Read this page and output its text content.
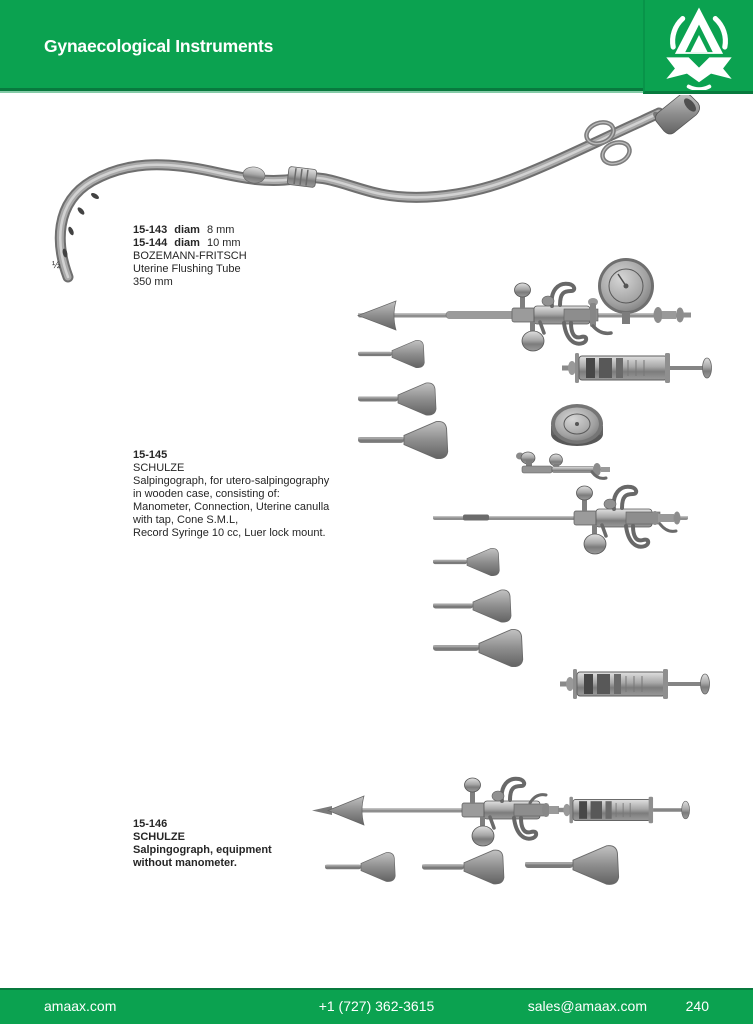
Gynaecological Instruments
½
15-143 diam 8 mm
15-144 diam 10 mm
BOZEMANN-FRITSCH
Uterine Flushing Tube
350 mm
15-145
SCHULZE
Salpingograph, for utero-salpingography
in wooden case, consisting of:
Manometer, Connection, Uterine canulla
with tap, Cone S.M.L,
Record Syringe 10 cc, Luer lock mount.
15-146
SCHULZE
Salpingograph, equipment
without manometer.
amaax.com	+1 (727) 362-3615	sales@amaax.com	240
